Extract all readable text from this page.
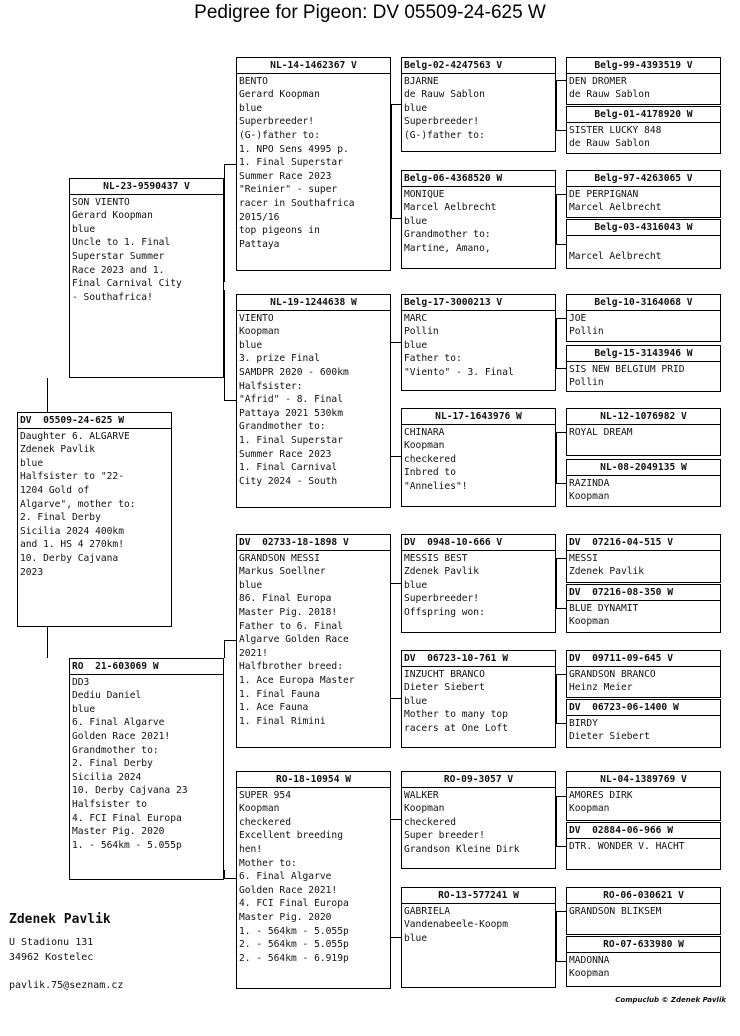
Pedigree for Pigeon: DV 05509-24-625 W
DV  05509-24-625 W
Daughter 6. ALGARVE
Zdenek Pavlik
blue
Halfsister to "22-
1204 Gold of
Algarve", mother to:
2. Final Derby
Sicilia 2024 400km
and 1. HS 4 270km!
10. Derby Cajvana
2023
NL-23-9590437 V
SON VIENTO
Gerard Koopman
blue
Uncle to 1. Final
Superstar Summer
Race 2023 and 1.
Final Carnival City
- Southafrica!
RO  21-603069 W
DD3
Dediu Daniel
blue
6. Final Algarve
Golden Race 2021!
Grandmother to:
2. Final Derby
Sicilia 2024
10. Derby Cajvana 23
Halfsister to
4. FCI Final Europa
Master Pig. 2020
1. - 564km - 5.055p
NL-14-1462367 V
BENTO
Gerard Koopman
blue
Superbreeder!
(G-)father to:
1. NPO Sens 4995 p.
1. Final Superstar
Summer Race 2023
"Reinier" - super
racer in Southafrica
2015/16
top pigeons in
Pattaya
NL-19-1244638 W
VIENTO
Koopman
blue
3. prize Final
SAMDPR 2020 - 600km
Halfsister:
"Afrid" - 8. Final
Pattaya 2021 530km
Grandmother to:
1. Final Superstar
Summer Race 2023
1. Final Carnival
City 2024 - South
DV  02733-18-1898 V
GRANDSON MESSI
Markus Soellner
blue
86. Final Europa
Master Pig. 2018!
Father to 6. Final
Algarve Golden Race
2021!
Halfbrother breed:
1. Ace Europa Master
1. Final Fauna
1. Ace Fauna
1. Final Rimini
RO-18-10954 W
SUPER 954
Koopman
checkered
Excellent breeding
hen!
Mother to:
6. Final Algarve
Golden Race 2021!
4. FCI Final Europa
Master Pig. 2020
1. - 564km - 5.055p
2. - 564km - 5.055p
2. - 564km - 6.919p
Belg-02-4247563 V
BJARNE
de Rauw Sablon
blue
Superbreeder!
(G-)father to:
Belg-06-4368520 W
MONIQUE
Marcel Aelbrecht
blue
Grandmother to:
Martine, Amano,
Belg-17-3000213 V
MARC
Pollin
blue
Father to:
"Viento" - 3. Final
NL-17-1643976 W
CHINARA
Koopman
checkered
Inbred to
"Annelies"!
DV  0948-10-666 V
MESSIS BEST
Zdenek Pavlik
blue
Superbreeder!
Offspring won:
DV  06723-10-761 W
INZUCHT BRANCO
Dieter Siebert
blue
Mother to many top
racers at One Loft
RO-09-3057 V
WALKER
Koopman
checkered
Super breeder!
Grandson Kleine Dirk
RO-13-577241 W
GABRIELA
Vandenabeele-Koopm
blue
Belg-99-4393519 V
DEN DROMER
de Rauw Sablon
Belg-01-4178920 W
SISTER LUCKY 848
de Rauw Sablon
Belg-97-4263065 V
DE PERPIGNAN
Marcel Aelbrecht
Belg-03-4316043 W
Marcel Aelbrecht
Belg-10-3164068 V
JOE
Pollin
Belg-15-3143946 W
SIS NEW BELGIUM PRID
Pollin
NL-12-1076982 V
ROYAL DREAM
NL-08-2049135 W
RAZINDA
Koopman
DV  07216-04-515 V
MESSI
Zdenek Pavlik
DV  07216-08-350 W
BLUE DYNAMIT
Koopman
DV  09711-09-645 V
GRANDSON BRANCO
Heinz Meier
DV  06723-06-1400 W
BIRDY
Dieter Siebert
NL-04-1389769 V
AMORES DIRK
Koopman
DV  02884-06-966 W
DTR. WONDER V. HACHT
RO-06-030621 V
GRANDSON BLIKSEM
RO-07-633980 W
MADONNA
Koopman
Zdenek Pavlik
U Stadionu 131
34962 Kostelec
pavlik.75@seznam.cz
Compuclub © Zdenek Pavlik
